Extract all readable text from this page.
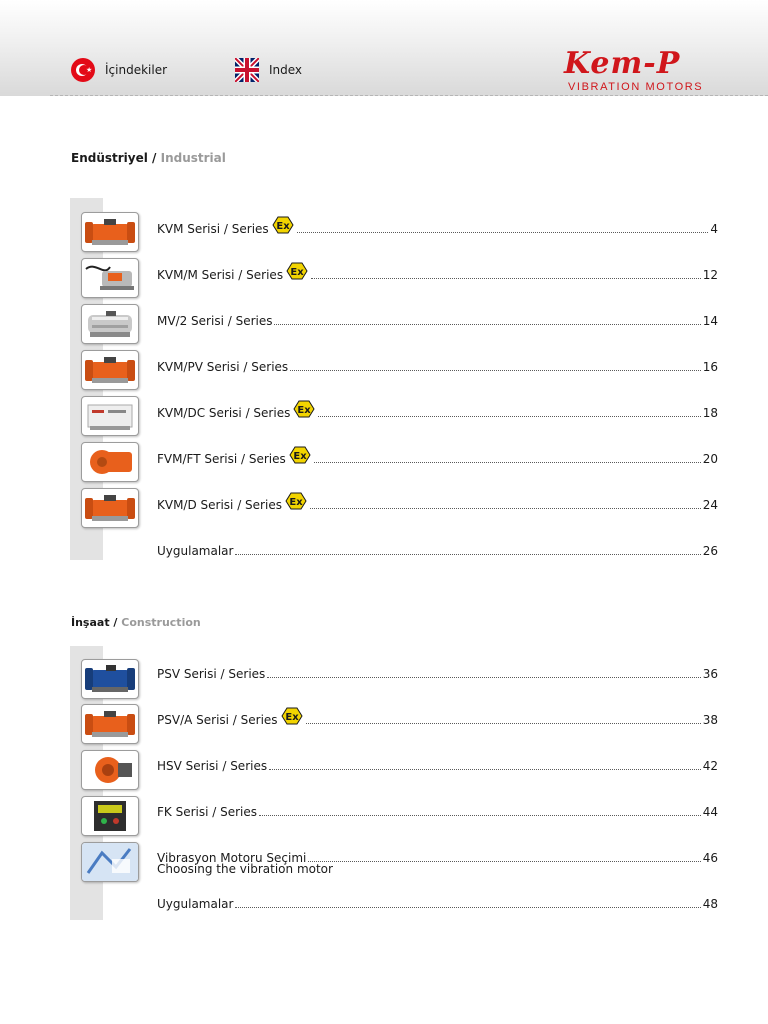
★ İçindekiler	Index	Kem-P
VIBRATION MOTORS
Endüstriyel / Industrial
İnşaat / Construction
KVM Serisi / Series Ex	4
KVM/M Serisi / Series Ex	12
MV/2 Serisi / Series	14
KVM/PV Serisi / Series	16
KVM/DC Serisi / Series Ex	18
FVM/FT Serisi / Series Ex	20
KVM/D Serisi / Series Ex	24
Uygulamalar	26
PSV Serisi / Series	36
PSV/A Serisi / Series Ex	38
HSV Serisi / Series	42
FK Serisi / Series	44
Vibrasyon Motoru Seçimi	46
Choosing the vibration motor
Uygulamalar	48
